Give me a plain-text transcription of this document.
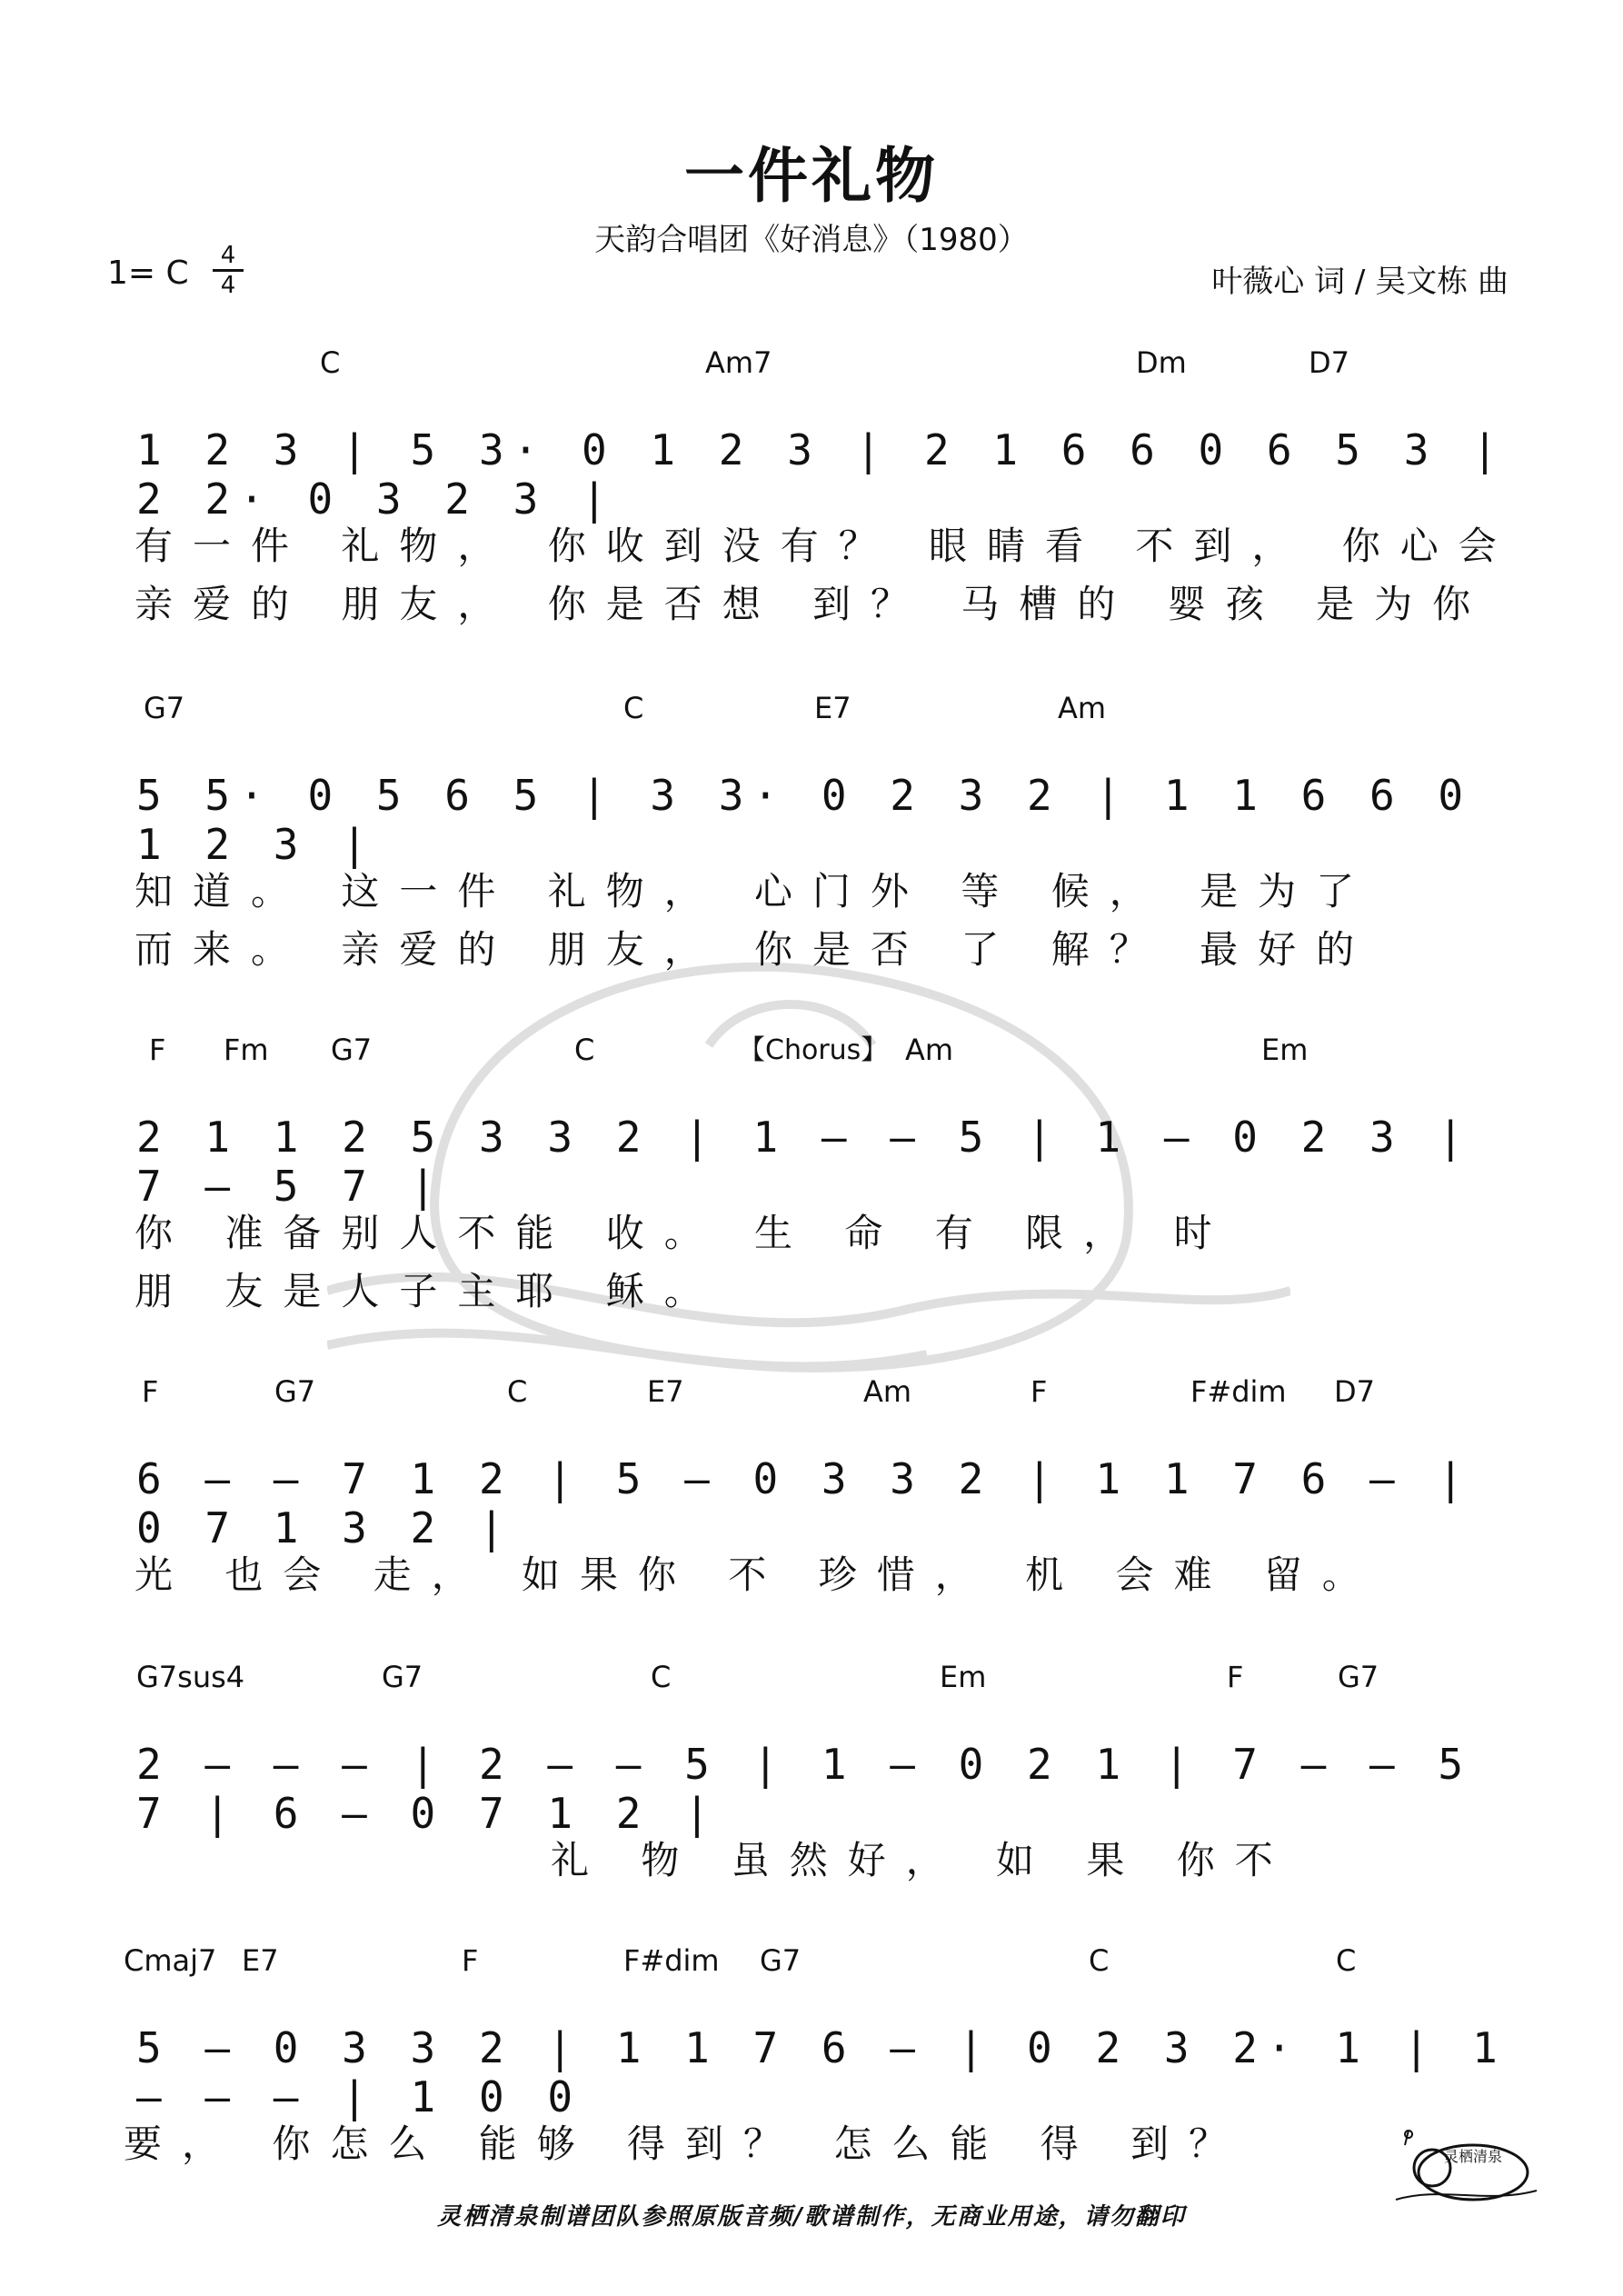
一件礼物
天韵合唱团《好消息》（1980）
1= C	4
4	叶薇心 词 / 吴文栋 曲
C	Am7	Dm	D7
1 2 3 | 5 3· 0 1 2 3 | 2 1 6 6 0 6 5 3 | 2 2· 0 3 2 3 |
有一件 礼物， 你收到没有？ 眼睛看 不到， 你心会
亲爱的 朋友， 你是否想 到？ 马槽的 婴孩 是为你
G7	C	E7	Am
5 5· 0 5 6 5 | 3 3· 0 2 3 2 | 1 1 6 6 0 1 2 3 |
知道。 这一件 礼物， 心门外 等 候， 是为了
而来。 亲爱的 朋友， 你是否 了 解？ 最好的
F Fm G7	C	Am	Em
【Chorus】
2 1 1 2 5 3 3 2 | 1 – – 5 | 1 – 0 2 3 | 7 – 5 7 |
你 准备别人不能 收。 生 命 有 限， 时
朋 友是人子主耶 稣。
F	G7	C	E7	Am	F	F#dim D7
6 – – 7 1 2 | 5 – 0 3 3 2 | 1 1 7 6 – | 0 7 1 3 2 |
光 也会 走， 如果你 不 珍惜， 机 会难 留。
G7sus4	G7	C	Em	F	G7
2 – – – | 2 – – 5 | 1 – 0 2 1 | 7 – – 5 7 | 6 – 0 7 1 2 |
礼 物 虽然好， 如 果 你不
Cmaj7 E7	F	F#dim G7	C	C
5 – 0 3 3 2 | 1 1 7 6 – | 0 2 3 2· 1 | 1 – – – | 1 0 0
要， 你怎么 能够 得到？ 怎么能 得 到？
灵栖清泉制谱团队参照原版音频/歌谱制作，无商业用途，请勿翻印
灵栖清泉
